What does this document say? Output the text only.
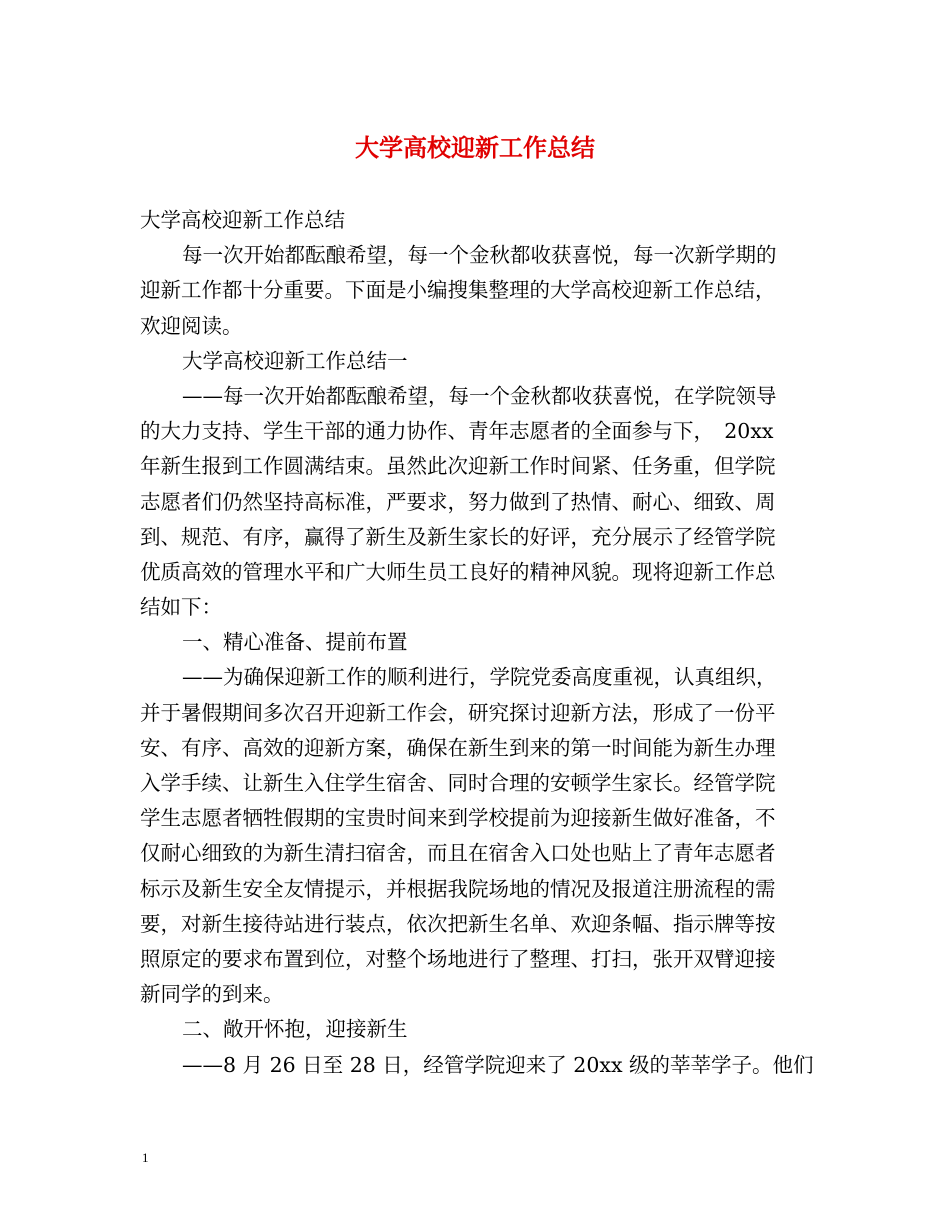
大学高校迎新工作总结
大学高校迎新工作总结
每一次开始都酝酿希望，每一个金秋都收获喜悦，每一次新学期的
迎新工作都十分重要。下面是小编搜集整理的大学高校迎新工作总结，
欢迎阅读。
大学高校迎新工作总结一
——每一次开始都酝酿希望，每一个金秋都收获喜悦，在学院领导
的大力支持、学生干部的通力协作、青年志愿者的全面参与下，　20xx
年新生报到工作圆满结束。虽然此次迎新工作时间紧、任务重，但学院
志愿者们仍然坚持高标准，严要求，努力做到了热情、耐心、细致、周
到、规范、有序，赢得了新生及新生家长的好评，充分展示了经管学院
优质高效的管理水平和广大师生员工良好的精神风貌。现将迎新工作总
结如下：
一、精心准备、提前布置
——为确保迎新工作的顺利进行，学院党委高度重视，认真组织，
并于暑假期间多次召开迎新工作会，研究探讨迎新方法，形成了一份平
安、有序、高效的迎新方案，确保在新生到来的第一时间能为新生办理
入学手续、让新生入住学生宿舍、同时合理的安顿学生家长。经管学院
学生志愿者牺牲假期的宝贵时间来到学校提前为迎接新生做好准备，不
仅耐心细致的为新生清扫宿舍，而且在宿舍入口处也贴上了青年志愿者
标示及新生安全友情提示，并根据我院场地的情况及报道注册流程的需
要，对新生接待站进行装点，依次把新生名单、欢迎条幅、指示牌等按
照原定的要求布置到位，对整个场地进行了整理、打扫，张开双臂迎接
新同学的到来。
二、敞开怀抱，迎接新生
——8 月 26 日至 28 日，经管学院迎来了 20xx 级的莘莘学子。他们
1
